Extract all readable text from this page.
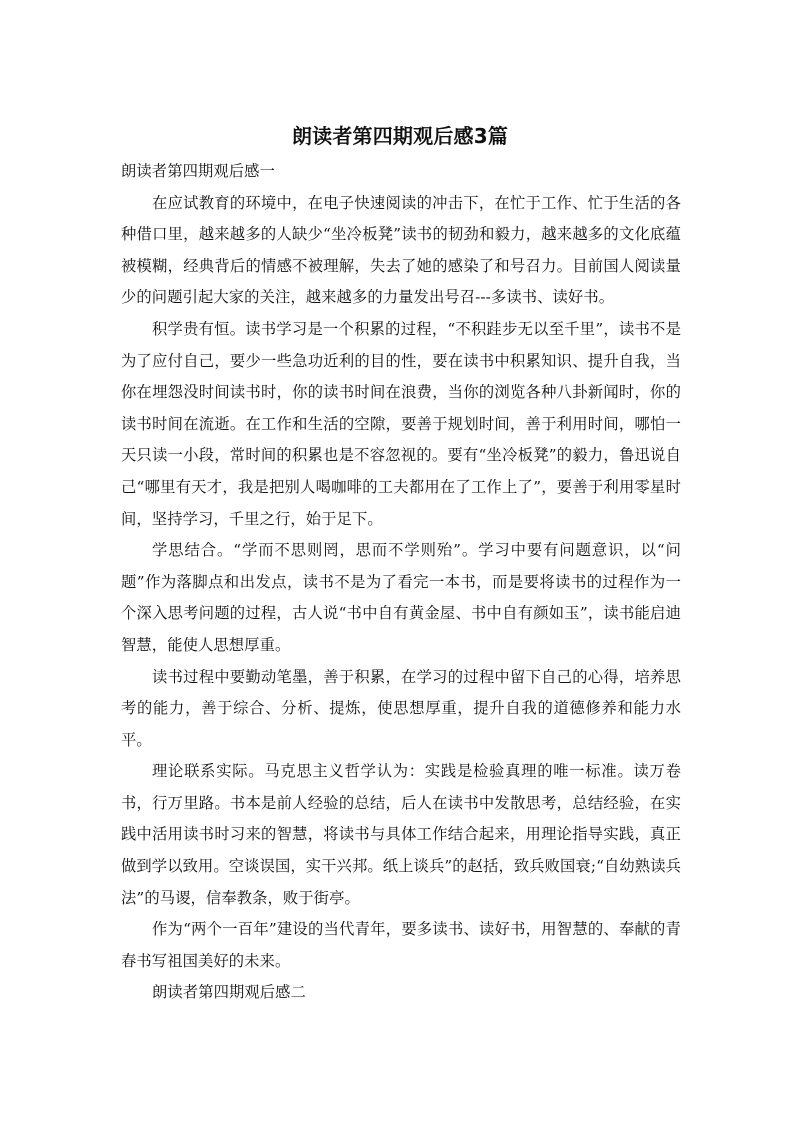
朗读者第四期观后感3篇

朗读者第四期观后感一

在应试教育的环境中，在电子快速阅读的冲击下，在忙于工作、忙于生活的各种借口里，越来越多的人缺少“坐冷板凳”读书的韧劲和毅力，越来越多的文化底蕴被模糊，经典背后的情感不被理解，失去了她的感染了和号召力。目前国人阅读量少的问题引起大家的关注，越来越多的力量发出号召---多读书、读好书。

积学贵有恒。读书学习是一个积累的过程，“不积跬步无以至千里”，读书不是为了应付自己，要少一些急功近利的目的性，要在读书中积累知识、提升自我，当你在埋怨没时间读书时，你的读书时间在浪费，当你的浏览各种八卦新闻时，你的读书时间在流逝。在工作和生活的空隙，要善于规划时间，善于利用时间，哪怕一天只读一小段，常时间的积累也是不容忽视的。要有“坐冷板凳”的毅力，鲁迅说自己“哪里有天才，我是把别人喝咖啡的工夫都用在了工作上了”，要善于利用零星时间，坚持学习，千里之行，始于足下。

学思结合。“学而不思则罔，思而不学则殆”。学习中要有问题意识，以“问题”作为落脚点和出发点，读书不是为了看完一本书，而是要将读书的过程作为一个深入思考问题的过程，古人说“书中自有黄金屋、书中自有颜如玉”，读书能启迪智慧，能使人思想厚重。

读书过程中要勤动笔墨，善于积累，在学习的过程中留下自己的心得，培养思考的能力，善于综合、分析、提炼，使思想厚重，提升自我的道德修养和能力水平。

理论联系实际。马克思主义哲学认为：实践是检验真理的唯一标准。读万卷书，行万里路。书本是前人经验的总结，后人在读书中发散思考，总结经验，在实践中活用读书时习来的智慧，将读书与具体工作结合起来，用理论指导实践，真正做到学以致用。空谈误国，实干兴邦。纸上谈兵”的赵括，致兵败国衰;“自幼熟读兵法”的马谡，信奉教条，败于街亭。

作为“两个一百年”建设的当代青年，要多读书、读好书，用智慧的、奉献的青春书写祖国美好的未来。

朗读者第四期观后感二
